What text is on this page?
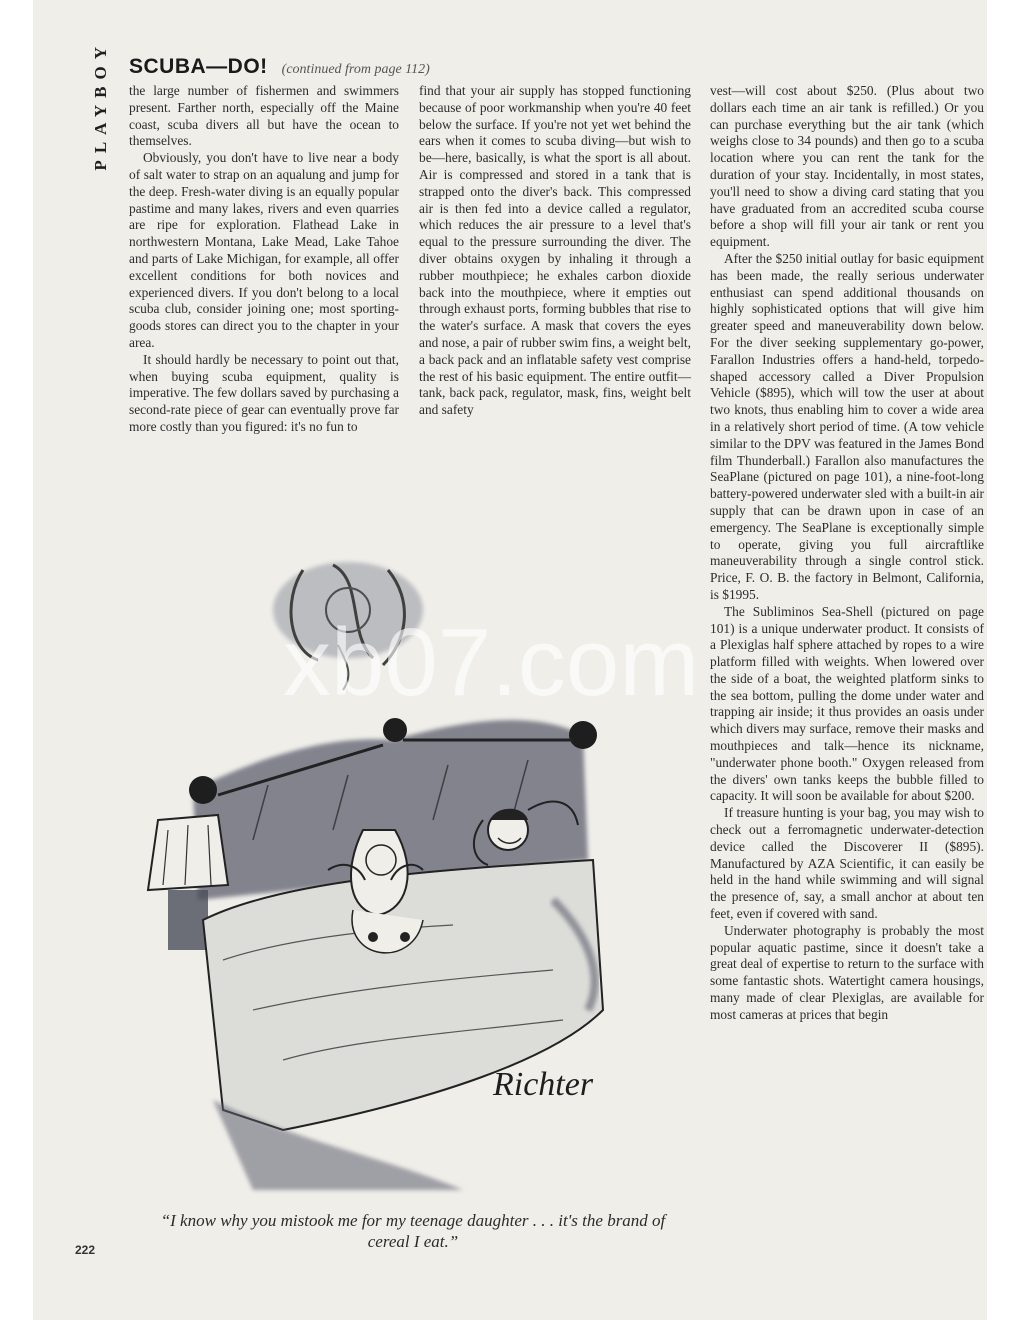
PLAYBOY SCUBA—DO! (continued from page 112)

the large number of fishermen and swimmers present. Farther north, especially off the Maine coast, scuba divers all but have the ocean to themselves.

Obviously, you don't have to live near a body of salt water to strap on an aqualung and jump for the deep. Fresh-water diving is an equally popular pastime and many lakes, rivers and even quarries are ripe for exploration. Flathead Lake in northwestern Montana, Lake Mead, Lake Tahoe and parts of Lake Michigan, for example, all offer excellent conditions for both novices and experienced divers. If you don't belong to a local scuba club, consider joining one; most sporting-goods stores can direct you to the chapter in your area.

It should hardly be necessary to point out that, when buying scuba equipment, quality is imperative. The few dollars saved by purchasing a second-rate piece of gear can eventually prove far more costly than you figured: it's no fun to

find that your air supply has stopped functioning because of poor workmanship when you're 40 feet below the surface. If you're not yet wet behind the ears when it comes to scuba diving—but wish to be—here, basically, is what the sport is all about. Air is compressed and stored in a tank that is strapped onto the diver's back. This compressed air is then fed into a device called a regulator, which reduces the air pressure to a level that's equal to the pressure surrounding the diver. The diver obtains oxygen by inhaling it through a rubber mouthpiece; he exhales carbon dioxide back into the mouthpiece, where it empties out through exhaust ports, forming bubbles that rise to the water's surface. A mask that covers the eyes and nose, a pair of rubber swim fins, a weight belt, a back pack and an inflatable safety vest comprise the rest of his basic equipment. The entire outfit—tank, back pack, regulator, mask, fins, weight belt and safety

vest—will cost about $250. (Plus about two dollars each time an air tank is refilled.) Or you can purchase everything but the air tank (which weighs close to 34 pounds) and then go to a scuba location where you can rent the tank for the duration of your stay. Incidentally, in most states, you'll need to show a diving card stating that you have graduated from an accredited scuba course before a shop will fill your air tank or rent you equipment.

After the $250 initial outlay for basic equipment has been made, the really serious underwater enthusiast can spend additional thousands on highly sophisticated options that will give him greater speed and maneuverability down below. For the diver seeking supplementary go-power, Farallon Industries offers a hand-held, torpedo-shaped accessory called a Diver Propulsion Vehicle ($895), which will tow the user at about two knots, thus enabling him to cover a wide area in a relatively short period of time. (A tow vehicle similar to the DPV was featured in the James Bond film Thunderball.) Farallon also manufactures the SeaPlane (pictured on page 101), a nine-foot-long battery-powered underwater sled with a built-in air supply that can be drawn upon in case of an emergency. The SeaPlane is exceptionally simple to operate, giving you full aircraftlike maneuverability through a single control stick. Price, F. O. B. the factory in Belmont, California, is $1995.

The Subliminos Sea-Shell (pictured on page 101) is a unique underwater product. It consists of a Plexiglas half sphere attached by ropes to a wire platform filled with weights. When lowered over the side of a boat, the weighted platform sinks to the sea bottom, pulling the dome under water and trapping air inside; it thus provides an oasis under which divers may surface, remove their masks and mouthpieces and talk—hence its nickname, "underwater phone booth." Oxygen released from the divers' own tanks keeps the bubble filled to capacity. It will soon be available for about $200.

If treasure hunting is your bag, you may wish to check out a ferromagnetic underwater-detection device called the Discoverer II ($895). Manufactured by AZA Scientific, it can easily be held in the hand while swimming and will signal the presence of, say, a small anchor at about ten feet, even if covered with sand.

Underwater photography is probably the most popular aquatic pastime, since it doesn't take a great deal of expertise to return to the surface with some fantastic shots. Watertight camera housings, many made of clear Plexiglas, are available for most cameras at prices that begin

Richter
“I know why you mistook me for my teenage daughter . . . it's the brand of cereal I eat.”
222
xb07.com
